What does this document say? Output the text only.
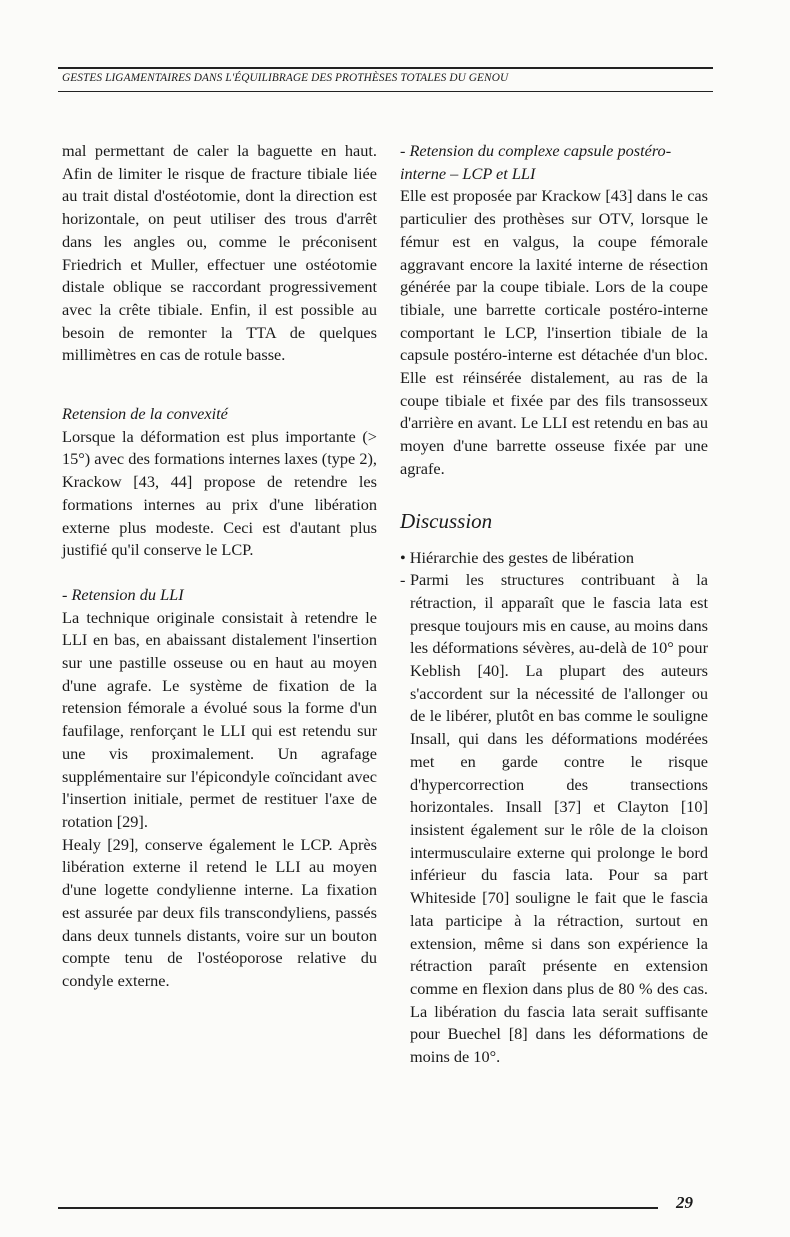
GESTES LIGAMENTAIRES DANS L'ÉQUILIBRAGE DES PROTHÈSES TOTALES DU GENOU

mal permettant de caler la baguette en haut. Afin de limiter le risque de fracture tibiale liée au trait distal d'ostéotomie, dont la direction est horizontale, on peut utiliser des trous d'arrêt dans les angles ou, comme le préconisent Friedrich et Muller, effectuer une ostéotomie distale oblique se raccordant progressivement avec la crête tibiale. Enfin, il est possible au besoin de remonter la TTA de quelques millimètres en cas de rotule basse.

Retension de la convexité

Lorsque la déformation est plus importante (> 15°) avec des formations internes laxes (type 2), Krackow [43, 44] propose de retendre les formations internes au prix d'une libération externe plus modeste. Ceci est d'autant plus justifié qu'il conserve le LCP.

- Retension du LLI

La technique originale consistait à retendre le LLI en bas, en abaissant distalement l'insertion sur une pastille osseuse ou en haut au moyen d'une agrafe. Le système de fixation de la retension fémorale a évolué sous la forme d'un faufilage, renforçant le LLI qui est retendu sur une vis proximalement. Un agrafage supplémentaire sur l'épicondyle coïncidant avec l'insertion initiale, permet de restituer l'axe de rotation [29].

Healy [29], conserve également le LCP. Après libération externe il retend le LLI au moyen d'une logette condylienne interne. La fixation est assurée par deux fils transcondyliens, passés dans deux tunnels distants, voire sur un bouton compte tenu de l'ostéoporose relative du condyle externe.

- Retension du complexe capsule postéro-interne – LCP et LLI

Elle est proposée par Krackow [43] dans le cas particulier des prothèses sur OTV, lorsque le fémur est en valgus, la coupe fémorale aggravant encore la laxité interne de résection générée par la coupe tibiale. Lors de la coupe tibiale, une barrette corticale postéro-interne comportant le LCP, l'insertion tibiale de la capsule postéro-interne est détachée d'un bloc. Elle est réinsérée distalement, au ras de la coupe tibiale et fixée par des fils transosseux d'arrière en avant. Le LLI est retendu en bas au moyen d'une barrette osseuse fixée par une agrafe.

Discussion

• Hiérarchie des gestes de libération

- Parmi les structures contribuant à la rétraction, il apparaît que le fascia lata est presque toujours mis en cause, au moins dans les déformations sévères, au-delà de 10° pour Keblish [40]. La plupart des auteurs s'accordent sur la nécessité de l'allonger ou de le libérer, plutôt en bas comme le souligne Insall, qui dans les déformations modérées met en garde contre le risque d'hypercorrection des transections horizontales. Insall [37] et Clayton [10] insistent également sur le rôle de la cloison intermusculaire externe qui prolonge le bord inférieur du fascia lata. Pour sa part Whiteside [70] souligne le fait que le fascia lata participe à la rétraction, surtout en extension, même si dans son expérience la rétraction paraît présente en extension comme en flexion dans plus de 80 % des cas. La libération du fascia lata serait suffisante pour Buechel [8] dans les déformations de moins de 10°.

29
